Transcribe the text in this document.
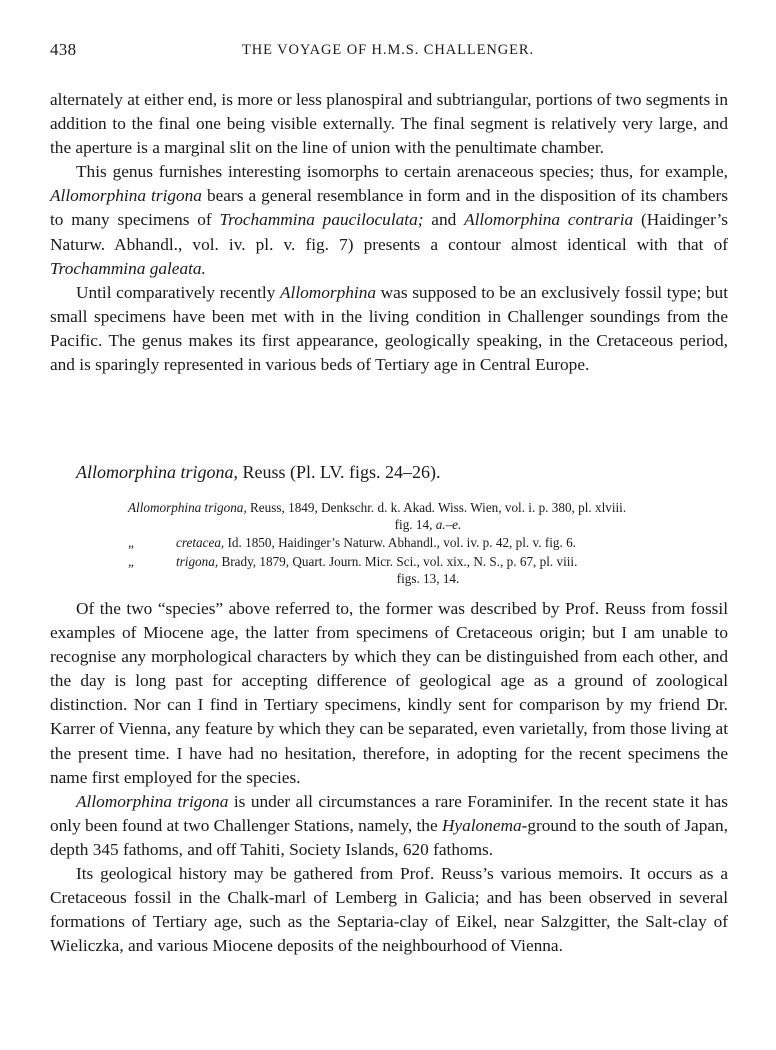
438	THE VOYAGE OF H.M.S. CHALLENGER.

alternately at either end, is more or less planospiral and subtriangular, portions of two segments in addition to the final one being visible externally. The final segment is relatively very large, and the aperture is a marginal slit on the line of union with the penultimate chamber.

This genus furnishes interesting isomorphs to certain arenaceous species; thus, for example, Allomorphina trigona bears a general resemblance in form and in the disposition of its chambers to many specimens of Trochammina pauciloculata; and Allomorphina contraria (Haidinger’s Naturw. Abhandl., vol. iv. pl. v. fig. 7) presents a contour almost identical with that of Trochammina galeata.

Until comparatively recently Allomorphina was supposed to be an exclusively fossil type; but small specimens have been met with in the living condition in Challenger soundings from the Pacific. The genus makes its first appearance, geologically speaking, in the Cretaceous period, and is sparingly represented in various beds of Tertiary age in Central Europe.

Allomorphina trigona, Reuss (Pl. LV. figs. 24–26).

Allomorphina trigona, Reuss, 1849, Denkschr. d. k. Akad. Wiss. Wien, vol. i. p. 380, pl. xlviii.

fig. 14, a.–e.

„	cretacea, Id. 1850, Haidinger’s Naturw. Abhandl., vol. iv. p. 42, pl. v. fig. 6.

„	trigona, Brady, 1879, Quart. Journ. Micr. Sci., vol. xix., N. S., p. 67, pl. viii.

figs. 13, 14.

Of the two “species” above referred to, the former was described by Prof. Reuss from fossil examples of Miocene age, the latter from specimens of Cretaceous origin; but I am unable to recognise any morphological characters by which they can be distinguished from each other, and the day is long past for accepting difference of geological age as a ground of zoological distinction. Nor can I find in Tertiary specimens, kindly sent for comparison by my friend Dr. Karrer of Vienna, any feature by which they can be separated, even varietally, from those living at the present time. I have had no hesitation, therefore, in adopting for the recent specimens the name first employed for the species.

Allomorphina trigona is under all circumstances a rare Foraminifer. In the recent state it has only been found at two Challenger Stations, namely, the Hyalonema-ground to the south of Japan, depth 345 fathoms, and off Tahiti, Society Islands, 620 fathoms.

Its geological history may be gathered from Prof. Reuss’s various memoirs. It occurs as a Cretaceous fossil in the Chalk-marl of Lemberg in Galicia; and has been observed in several formations of Tertiary age, such as the Septaria-clay of Eikel, near Salzgitter, the Salt-clay of Wieliczka, and various Miocene deposits of the neighbourhood of Vienna.
